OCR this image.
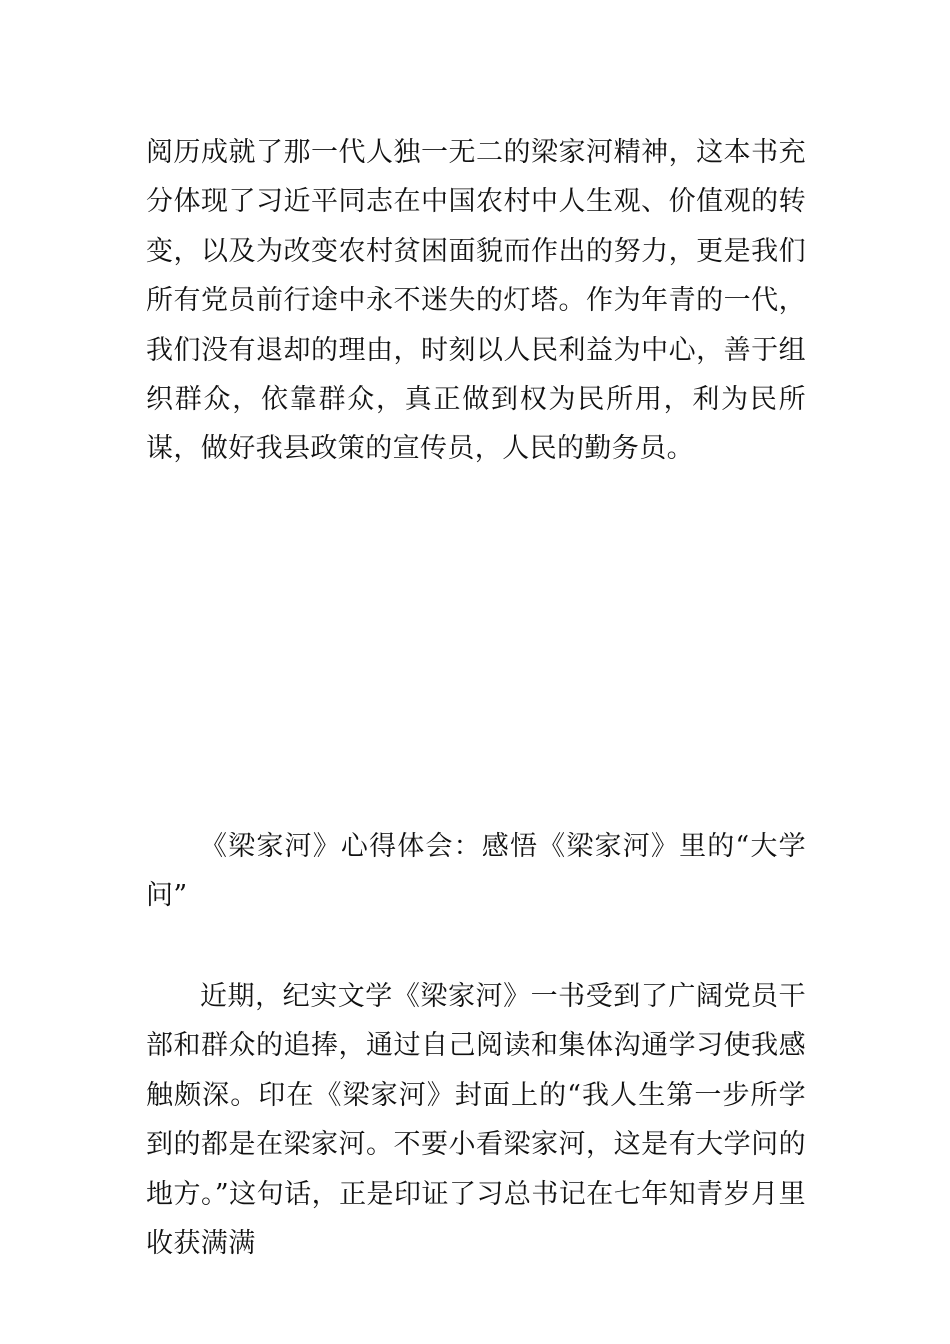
阅历成就了那一代人独一无二的梁家河精神，这本书充分体现了习近平同志在中国农村中人生观、价值观的转变，以及为改变农村贫困面貌而作出的努力，更是我们所有党员前行途中永不迷失的灯塔。作为年青的一代，我们没有退却的理由，时刻以人民利益为中心，善于组织群众，依靠群众，真正做到权为民所用，利为民所谋，做好我县政策的宣传员，人民的勤务员。

《梁家河》心得体会：感悟《梁家河》里的“大学问”

近期，纪实文学《梁家河》一书受到了广阔党员干部和群众的追捧，通过自己阅读和集体沟通学习使我感触颇深。印在《梁家河》封面上的“我人生第一步所学到的都是在梁家河。不要小看梁家河，这是有大学问的地方。”这句话，正是印证了习总书记在七年知青岁月里收获满满
